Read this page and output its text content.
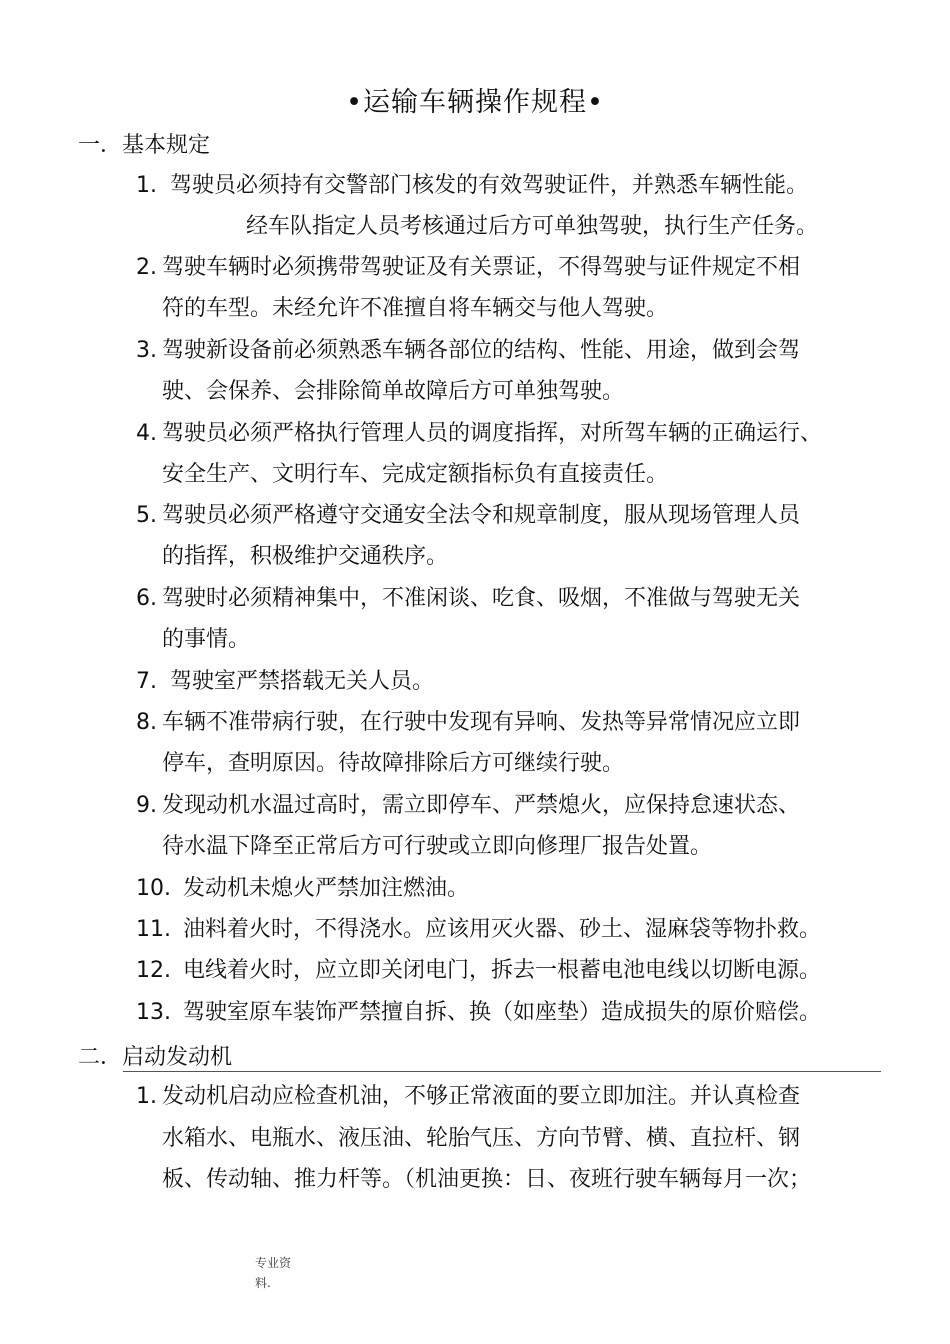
•运输车辆操作规程•
一．基本规定
1. 驾驶员必须持有交警部门核发的有效驾驶证件，并熟悉车辆性能。
经车队指定人员考核通过后方可单独驾驶，执行生产任务。
2. 驾驶车辆时必须携带驾驶证及有关票证，不得驾驶与证件规定不相
符的车型。未经允许不准擅自将车辆交与他人驾驶。
3. 驾驶新设备前必须熟悉车辆各部位的结构、性能、用途，做到会驾
驶、会保养、会排除简单故障后方可单独驾驶。
4. 驾驶员必须严格执行管理人员的调度指挥，对所驾车辆的正确运行、
安全生产、文明行车、完成定额指标负有直接责任。
5. 驾驶员必须严格遵守交通安全法令和规章制度，服从现场管理人员
的指挥，积极维护交通秩序。
6. 驾驶时必须精神集中，不准闲谈、吃食、吸烟，不准做与驾驶无关
的事情。
7. 驾驶室严禁搭载无关人员。
8. 车辆不准带病行驶，在行驶中发现有异响、发热等异常情况应立即
停车，查明原因。待故障排除后方可继续行驶。
9. 发现动机水温过高时，需立即停车、严禁熄火，应保持怠速状态、
待水温下降至正常后方可行驶或立即向修理厂报告处置。
10. 发动机未熄火严禁加注燃油。
11. 油料着火时，不得浇水。应该用灭火器、砂土、湿麻袋等物扑救。
12. 电线着火时，应立即关闭电门，拆去一根蓄电池电线以切断电源。
13. 驾驶室原车装饰严禁擅自拆、换（如座垫）造成损失的原价赔偿。
二．启动发动机
1. 发动机启动应检查机油，不够正常液面的要立即加注。并认真检查
水箱水、电瓶水、液压油、轮胎气压、方向节臂、横、直拉杆、钢
板、传动轴、推力杆等。（机油更换：日、夜班行驶车辆每月一次；
专业资
料.
